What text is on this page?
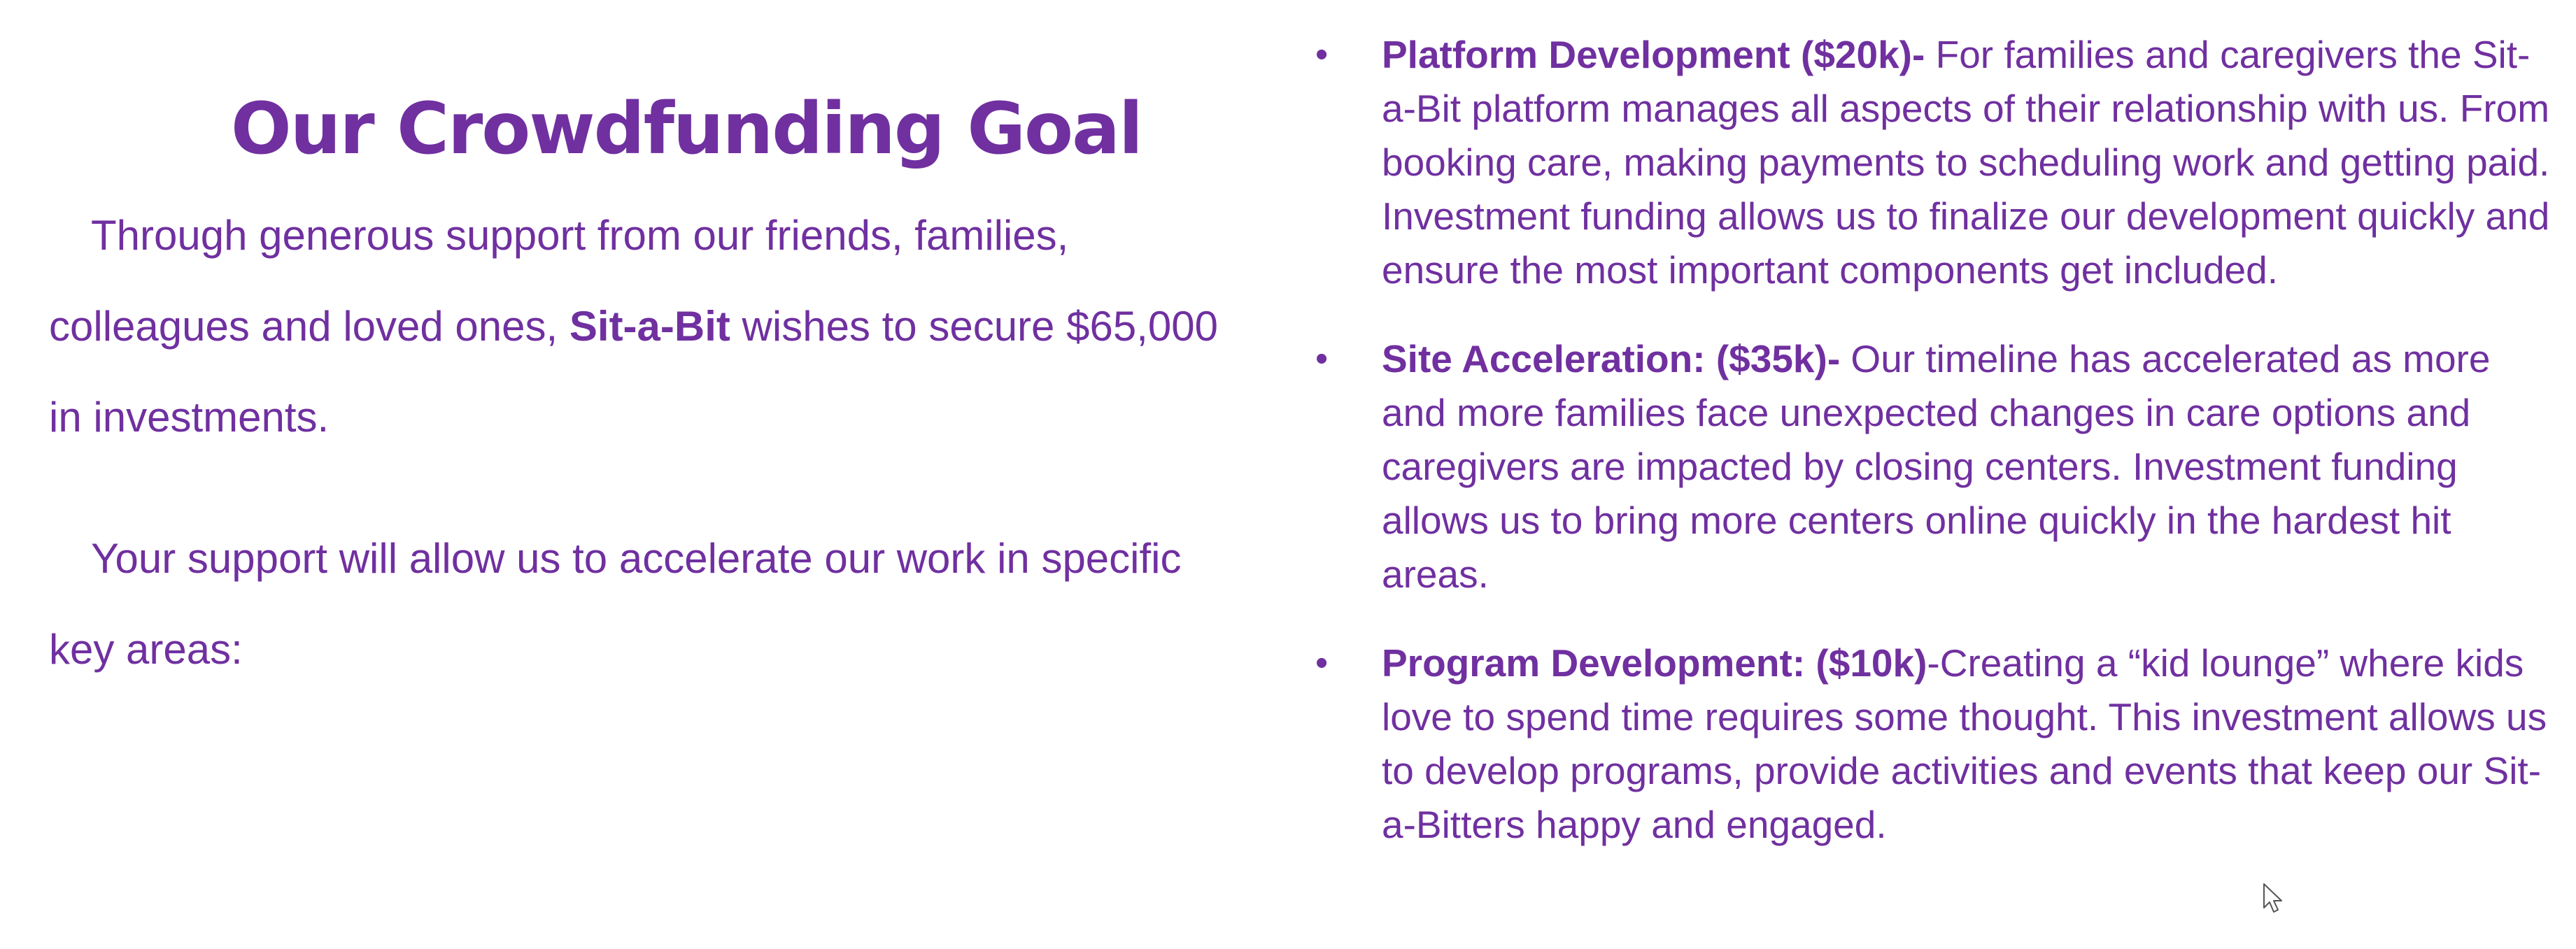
Our Crowdfunding Goal

Through generous support from our friends, families, colleagues and loved ones, Sit-a-Bit wishes to secure $65,000 in investments.

Your support will allow us to accelerate our work in specific key areas:

• Platform Development ($20k)- For families and caregivers the Sit-a-Bit platform manages all aspects of their relationship with us. From booking care, making payments to scheduling work and getting paid. Investment funding allows us to finalize our development quickly and ensure the most important components get included.
• Site Acceleration: ($35k)- Our timeline has accelerated as more and more families face unexpected changes in care options and caregivers are impacted by closing centers. Investment funding allows us to bring more centers online quickly in the hardest hit areas.
• Program Development: ($10k)-Creating a “kid lounge” where kids love to spend time requires some thought. This investment allows us to develop programs, provide activities and events that keep our Sit-a-Bitters happy and engaged.
